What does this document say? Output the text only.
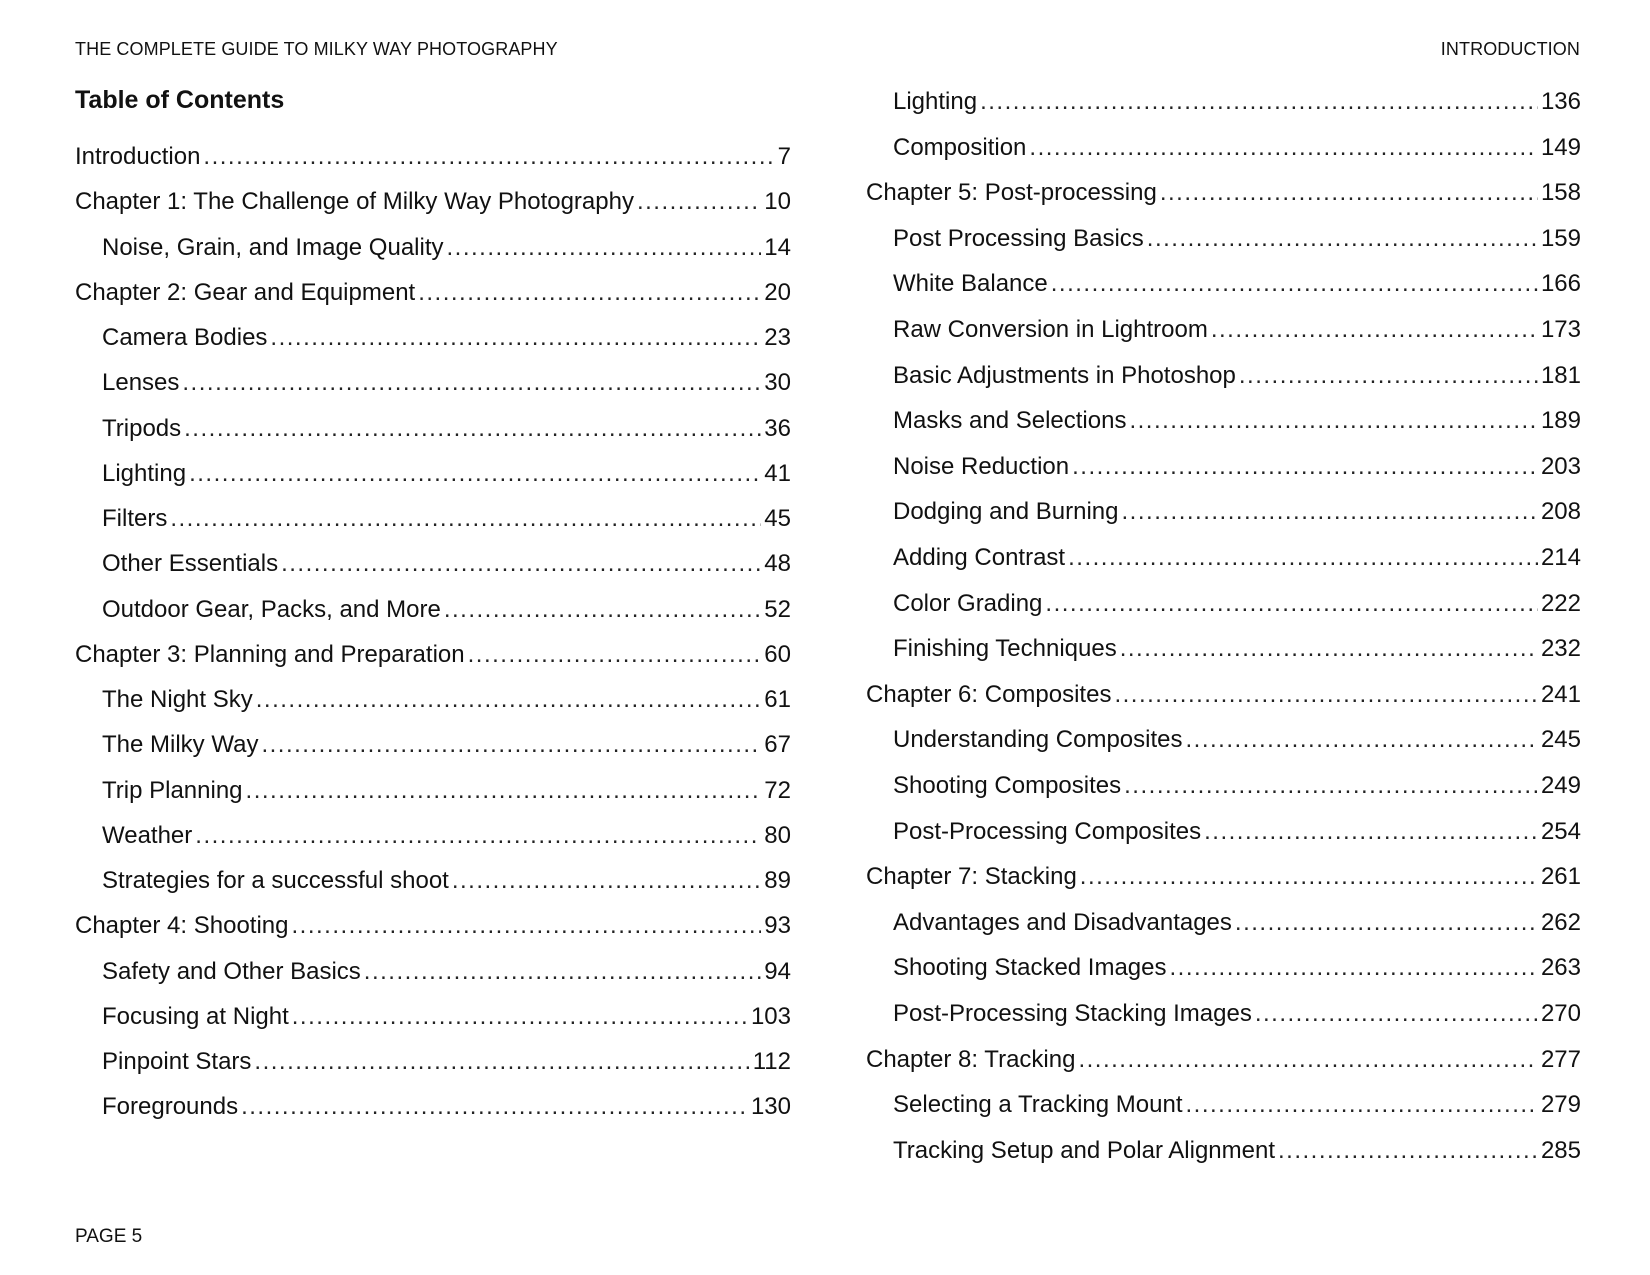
THE COMPLETE GUIDE TO MILKY WAY PHOTOGRAPHY	INTRODUCTION
Table of Contents
Introduction .....	7
Chapter 1: The Challenge of Milky Way Photography .....	10
Noise, Grain, and Image Quality .....	14
Chapter 2: Gear and Equipment .....	20
Camera Bodies .....	23
Lenses .....	30
Tripods .....	36
Lighting .....	41
Filters .....	45
Other Essentials .....	48
Outdoor Gear, Packs, and More .....	52
Chapter 3: Planning and Preparation .....	60
The Night Sky .....	61
The Milky Way .....	67
Trip Planning .....	72
Weather .....	80
Strategies for a successful shoot .....	89
Chapter 4: Shooting .....	93
Safety and Other Basics .....	94
Focusing at Night .....	103
Pinpoint Stars .....	112
Foregrounds .....	130
Lighting .....	136
Composition .....	149
Chapter 5: Post-processing .....	158
Post Processing Basics .....	159
White Balance .....	166
Raw Conversion in Lightroom .....	173
Basic Adjustments in Photoshop .....	181
Masks and Selections .....	189
Noise Reduction .....	203
Dodging and Burning .....	208
Adding Contrast .....	214
Color Grading .....	222
Finishing Techniques .....	232
Chapter 6: Composites .....	241
Understanding Composites .....	245
Shooting Composites .....	249
Post-Processing Composites .....	254
Chapter 7: Stacking .....	261
Advantages and Disadvantages .....	262
Shooting Stacked Images .....	263
Post-Processing Stacking Images .....	270
Chapter 8: Tracking .....	277
Selecting a Tracking Mount .....	279
Tracking Setup and Polar Alignment .....	285
PAGE 5
